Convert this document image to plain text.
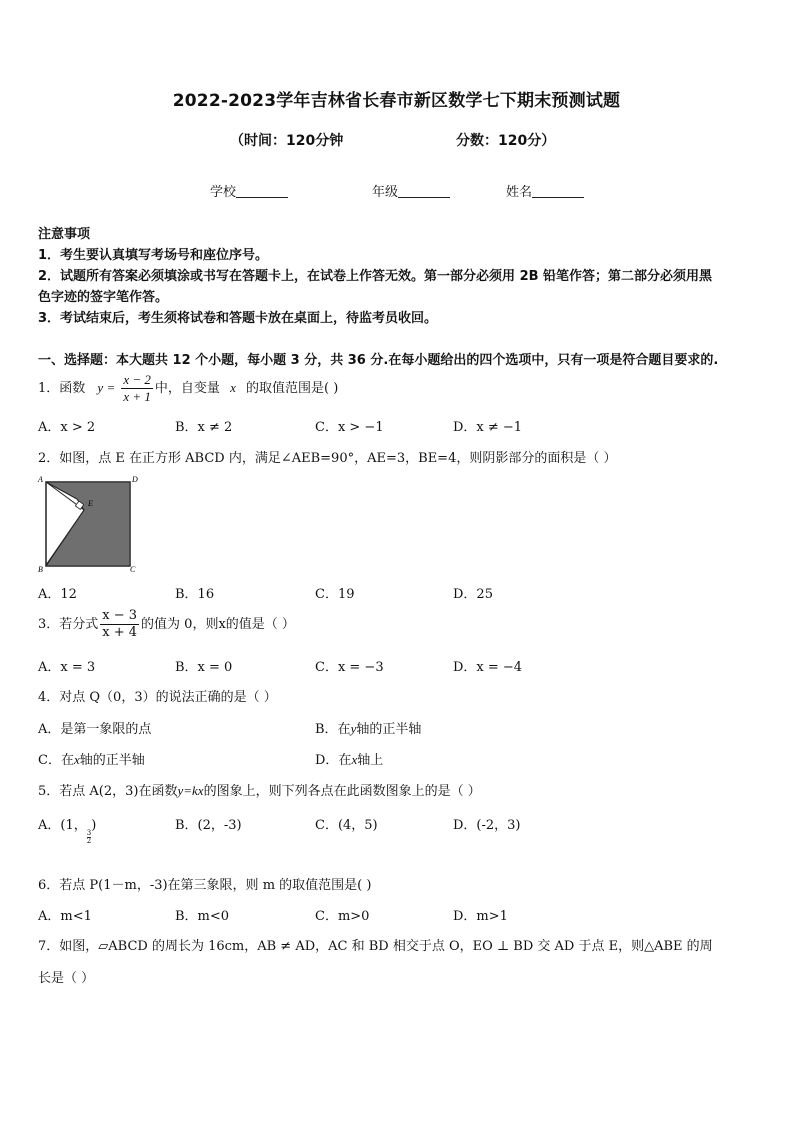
2022-2023学年吉林省长春市新区数学七下期末预测试题
（时间：120分钟	分数：120分）
学校	年级	姓名
注意事项
1．考生要认真填写考场号和座位序号。
2．试题所有答案必须填涂或书写在答题卡上，在试卷上作答无效。第一部分必须用 2B 铅笔作答；第二部分必须用黑
色字迹的签字笔作答。
3．考试结束后，考生须将试卷和答题卡放在桌面上，待监考员收回。
一、选择题：本大题共 12 个小题，每小题 3 分，共 36 分.在每小题给出的四个选项中，只有一项是符合题目要求的.
1．函数 $y = \frac{x - 2}{x + 1}$ 中，自变量 x 的取值范围是( )
A．x > 2	B．x ≠ 2	C．x > −1	D．x ≠ −1
2．如图，点 E 在正方形 ABCD 内，满足∠AEB=90°，AE=3，BE=4，则阴影部分的面积是（ ）
A	D
B	C
E
A．12	B．16	C．19	D．25
3．若分式 $\frac{x - 3}{x + 4}$ 的值为 0，则x的值是（ ）
A．x = 3	B．x = 0	C．x = −3	D．x = −4
4．对点 Q（0，3）的说法正确的是（ ）
A．是第一象限的点	B．在y轴的正半轴
C．在x轴的正半轴	D．在x轴上
5．若点 A(2，3)在函数y=kx的图象上，则下列各点在此函数图象上的是（ ）
A．(1，
$\frac{3}{2}$
)	B．(2，-3)	C．(4，5)	D．(-2，3)
6．若点 P(1－m，-3)在第三象限，则 m 的取值范围是( )
A．m<1	B．m<0	C．m>0	D．m>1
7．如图，▱ABCD 的周长为 16cm，AB ≠ AD，AC 和 BD 相交于点 O，EO ⊥ BD 交 AD 于点 E，则△ABE 的周
长是（ ）
